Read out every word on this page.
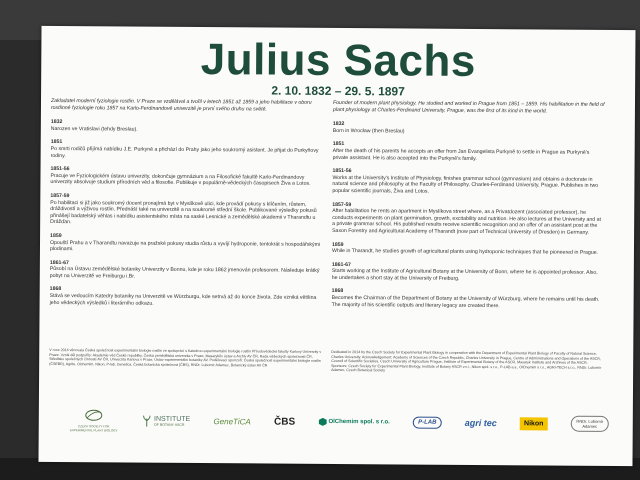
Julius Sachs
2. 10. 1832 – 29. 5. 1897
Zakladatel moderní fyziologie rostlin. V Praze se vzdělával a tvořil v letech 1851 až 1859 a jeho habilitace v oboru rostlinné fyziologie roku 1857 na Karlo-Ferdinandově univerzitě je první svého druhu na světě.
1832
Narozen ve Vratislavi (tehdy Breslau).
1851
Po smrti rodičů přijímá nabídku J.E. Purkyně a přichází do Prahy jako jeho soukromý asistent. Je přijat do Purkyňovy rodiny.
1851-56
Pracuje ve Fyziologickém ústavu univerzity, dokončuje gymnázium a na Filosofické fakultě Karlo-Ferdinandovy univerzity absolvuje studium přírodních věd a filosofie. Publikuje v populárně-vědeckých časopisech Živa a Lotos.
1857-59
Po habilitaci si již jako soukromý docent pronajímá byt v Myslíkově ulici, kde provádí pokusy s klíčením, růstem, dráždivostí a výživou rostlin. Přednáší také na univerzitě a na soukromé střední škole. Publikované výsledky pokusů přinášejí badatelský věhlas i nabídku asistentského místa na saské Lesnické a zemědělské akademii v Tharandtu u Drážďan.
1859
Opouští Prahu a v Tharandtu navazuje na pražské pokusy studia růstu a vyvíjí hydroponie, tentokrát s hospodářskými plodinami.
1861-67
Působí na Ústavu zemědělské botaniky Univerzity v Bonnu, kde je roku 1862 jmenován profesorem. Následuje krátký pobyt na Univerzitě ve Freiburgu i.Br.
1868
Stává se vedoucím Katedry botaniky na Univerzitě ve Würzburgu, kde setrvá až do konce života. Zde vzniká většina jeho vědeckých výsledků i literárního odkazu.
Founder of modern plant physiology. He studied and worked in Prague from 1851 – 1859. His habilitation in the field of plant physiology at Charles-Ferdinand University, Prague, was the first of its kind in the world.
1832
Born in Wrocław (then Breslau)
1851
After the death of his parents he accepts an offer from Jan Evangelista Purkyně to settle in Prague as Purkyně's private assistant. He is also accepted into the Purkyně's family.
1851-56
Works at the University's Institute of Physiology, finishes grammar school (gymnasium) and obtains a doctorate in natural science and philosophy at the Faculty of Philosophy, Charles-Ferdinand University, Prague. Publishes in two popular scientific journals, Živa and Lotos.
1857-59
After habilitation he rents an apartment in Myslíkova street where, as a Privatdozent (associated professor), he conducts experiments on plant germination, growth, excitability and nutrition. He also lectures at the University and at a private grammar school. His published results receive scientific recognition and an offer of an assistant post at the Saxon Forestry and Agricultural Academy of Tharandt (now part of Technical University of Dresden) in Germany.
1859
While in Tharandt, he studies growth of agricultural plants using hydroponic techniques that he pioneered in Prague.
1861-67
Starts working at the Institute of Agricultural Botany at the University of Bonn, where he is appointed professor. Also, he undertakes a short stay at the University of Freiburg.
1868
Becomes the Chairman of the Department of Botany at the University of Würzburg, where he remains until his death. The majority of his scientific outputs and literary legacy are created there.
V roce 2014 věnovala Česká společnost experimentální biologie rostlin ve spolupráci s Katedrou experimentální biologie rostlin Přírodovědecké fakulty Karlovy Univerzity v Praze. Vznik děl podpořily: Akademie věd České republiky, Česká zemědělská univerzita v Praze, Masarykův ústav a Archiv AV ČR, Rada vědeckých společností ČR, Středisko společných činností AV ČR, Univerzita Karlova v Praze, Ústav experimentální botaniky AV. Podělovací sponzoři: Česká společnost experimentální biologie rostlin (ČSEBR), Agrite, Olchemim, Nikon, P-lab, Genetica, Česká botanická společnost (ČBS), RNDr. Lubomír Adamec, Botanický ústav AV ČR
Dedicated in 2014 by the Czech Society for Experimental Plant Biology in cooperation with the Department of Experimental Plant Biology of Faculty of Natural Science, Charles University. Acknowledgement: Academy of Sciences of the Czech Republic, Charles University in Prague, Centre of Administrations and Operations of the ASCR, Council of Scientific Societies, Czech University of Agriculture Prague, Institute of Experimental Botany of the ASCR, Masaryk Institute and Archives of the ASCR. Sponsors: Czech Society for Experimental Plant Biology, Institute of Botany ASCR v.v.i., Nikon spol. s r.o., P-LAB a.s., OlChemim s r.o., AGRI-TECH s.r.o., RNDr. Lubomír Adamec, Czech Botanical Society
CZECH SOCIETY FOR EXPERIMENTAL PLANT BIOLOGY
INSTITUTE
OF BOTANY ASCR	GeneTiCA ČBS	OlChemim spol. s r.o.	P-LAB	agri tec	Nikon	RNDr. Lubomír Adamec
